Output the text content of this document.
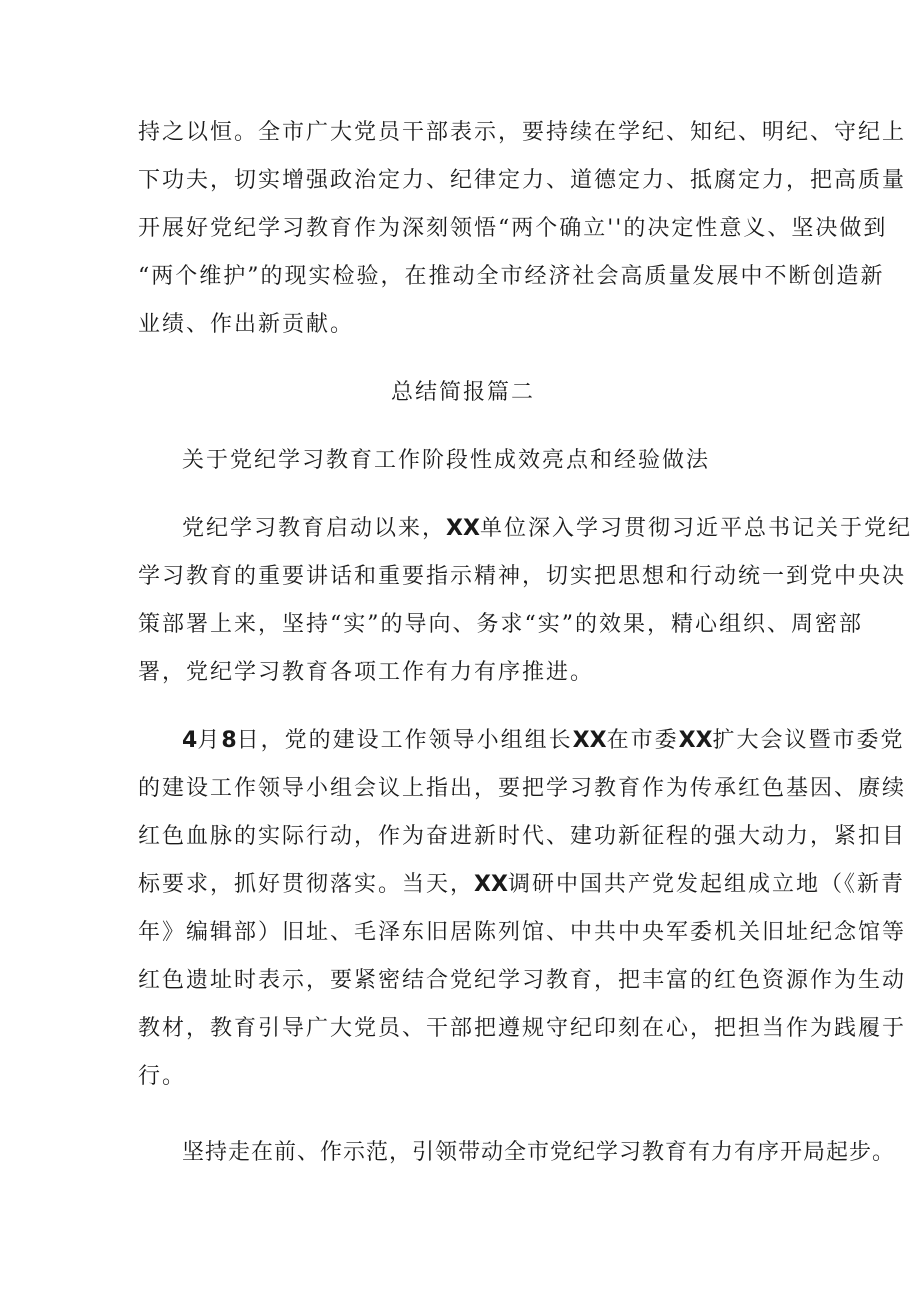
持之以恒。全市广大党员干部表示，要持续在学纪、知纪、明纪、守纪上
下功夫，切实增强政治定力、纪律定力、道德定力、抵腐定力，把高质量
开展好党纪学习教育作为深刻领悟“两个确立''的决定性意义、坚决做到
“两个维护”的现实检验，在推动全市经济社会高质量发展中不断创造新
业绩、作出新贡献。
总结简报篇二
关于党纪学习教育工作阶段性成效亮点和经验做法
党纪学习教育启动以来，XX单位深入学习贯彻习近平总书记关于党纪
学习教育的重要讲话和重要指示精神，切实把思想和行动统一到党中央决
策部署上来，坚持“实”的导向、务求“实”的效果，精心组织、周密部
署，党纪学习教育各项工作有力有序推进。
4月8日，党的建设工作领导小组组长XX在市委XX扩大会议暨市委党
的建设工作领导小组会议上指出，要把学习教育作为传承红色基因、赓续
红色血脉的实际行动，作为奋进新时代、建功新征程的强大动力，紧扣目
标要求，抓好贯彻落实。当天，XX调研中国共产党发起组成立地（《新青
年》编辑部）旧址、毛泽东旧居陈列馆、中共中央军委机关旧址纪念馆等
红色遗址时表示，要紧密结合党纪学习教育，把丰富的红色资源作为生动
教材，教育引导广大党员、干部把遵规守纪印刻在心，把担当作为践履于
行。
坚持走在前、作示范，引领带动全市党纪学习教育有力有序开局起步。
